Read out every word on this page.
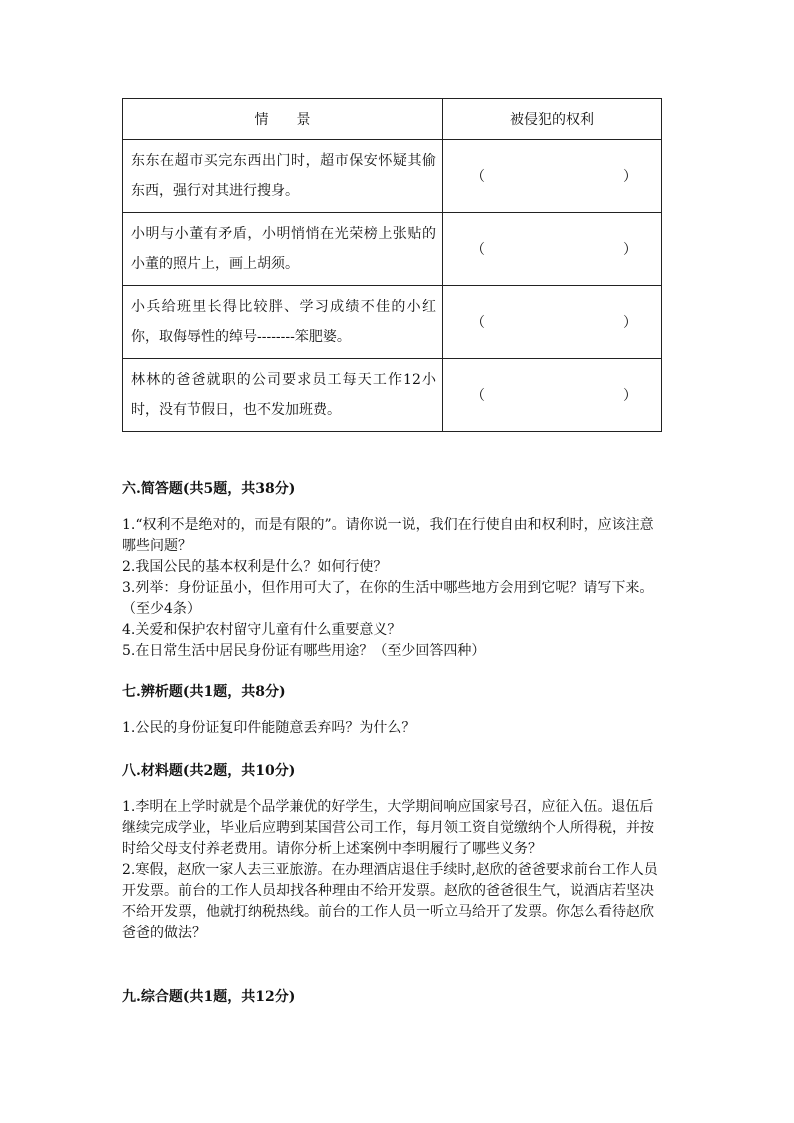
情　　景	被侵犯的权利
东东在超市买完东西出门时，超市保安怀疑其偷东西，强行对其进行搜身。	（ ）

小明与小董有矛盾，小明悄悄在光荣榜上张贴的小董的照片上，画上胡须。	（ ）

小兵给班里长得比较胖、学习成绩不佳的小红你，取侮辱性的绰号--------笨肥婆。	（ ）

林林的爸爸就职的公司要求员工每天工作12小时，没有节假日，也不发加班费。	（ ）
六.简答题(共5题，共38分)

1.“权利不是绝对的，而是有限的”。请你说一说，我们在行使自由和权利时，应该注意哪些问题？

2.我国公民的基本权利是什么？如何行使？

3.列举：身份证虽小，但作用可大了，在你的生活中哪些地方会用到它呢？请写下来。（至少4条）

4.关爱和保护农村留守儿童有什么重要意义？

5.在日常生活中居民身份证有哪些用途？（至少回答四种）

七.辨析题(共1题，共8分)

1.公民的身份证复印件能随意丢弃吗？为什么？

八.材料题(共2题，共10分)

1.李明在上学时就是个品学兼优的好学生，大学期间响应国家号召，应征入伍。退伍后继续完成学业，毕业后应聘到某国营公司工作，每月领工资自觉缴纳个人所得税，并按时给父母支付养老费用。请你分析上述案例中李明履行了哪些义务？

2.寒假，赵欣一家人去三亚旅游。在办理酒店退住手续时,赵欣的爸爸要求前台工作人员开发票。前台的工作人员却找各种理由不给开发票。赵欣的爸爸很生气，说酒店若坚决不给开发票，他就打纳税热线。前台的工作人员一听立马给开了发票。你怎么看待赵欣爸爸的做法？

九.综合题(共1题，共12分)
